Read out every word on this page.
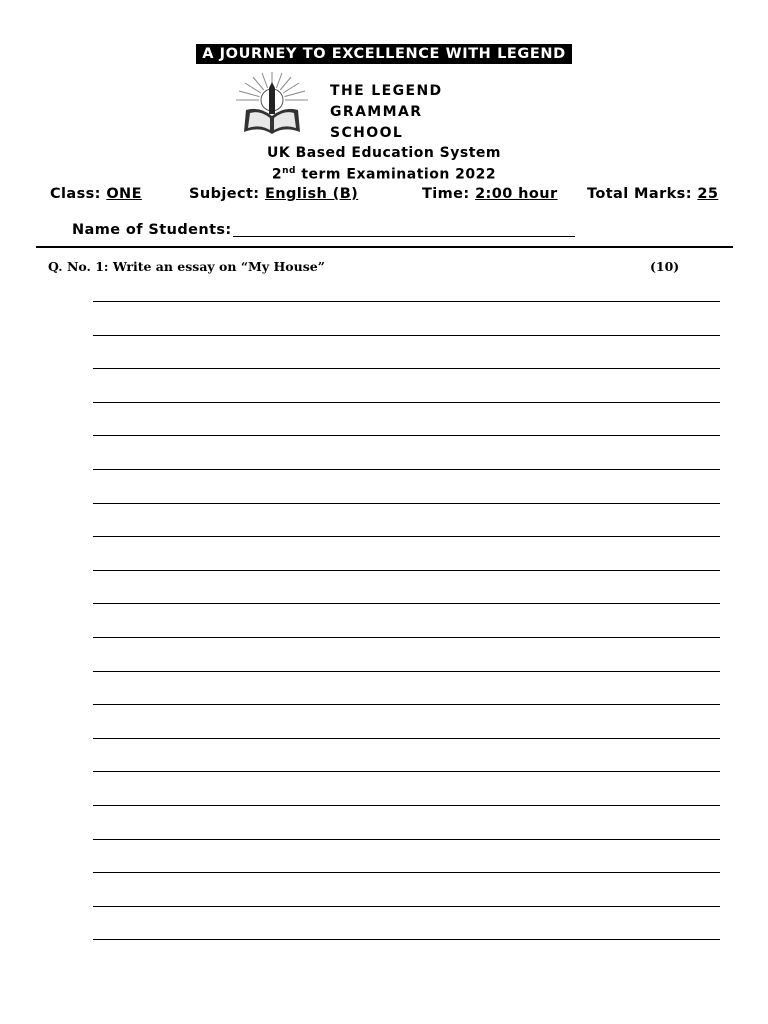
A JOURNEY TO EXCELLENCE WITH LEGEND
THE LEGEND
GRAMMAR
SCHOOL
UK Based Education System
2nd term Examination 2022
Class: ONE	Subject: English (B)	Time: 2:00 hour Total Marks: 25
Name of Students:
Q. No. 1: Write an essay on “My House”	(10)
